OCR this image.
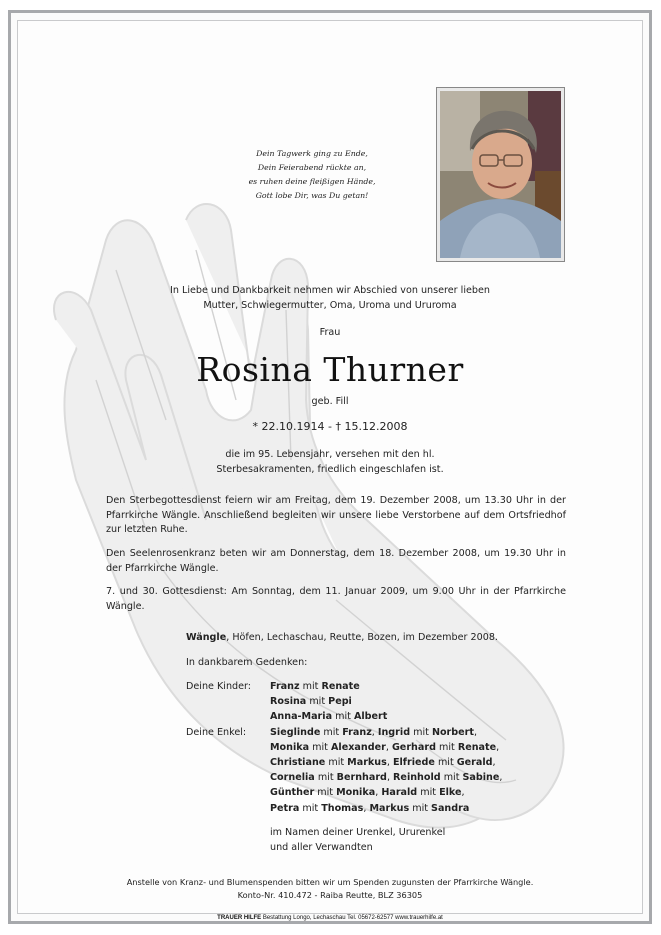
Dein Tagwerk ging zu Ende,
Dein Feierabend rückte an,
es ruhen deine fleißigen Hände,
Gott lobe Dir, was Du getan!
In Liebe und Dankbarkeit nehmen wir Abschied von unserer lieben
Mutter, Schwiegermutter, Oma, Uroma und Ururoma
Frau
Rosina Thurner
geb. Fill
* 22.10.1914 - † 15.12.2008
die im 95. Lebensjahr, versehen mit den hl.
Sterbesakramenten, friedlich eingeschlafen ist.
Den Sterbegottesdienst feiern wir am Freitag, dem 19. Dezember 2008, um 13.30 Uhr in der Pfarrkirche Wängle. Anschließend begleiten wir unsere liebe Verstorbene auf dem Ortsfriedhof zur letzten Ruhe.
Den Seelenrosenkranz beten wir am Donnerstag, dem 18. Dezember 2008, um 19.30 Uhr in der Pfarrkirche Wängle.
7. und 30. Gottesdienst: Am Sonntag, dem 11. Januar 2009, um 9.00 Uhr in der Pfarrkirche Wängle.
Wängle, Höfen, Lechaschau, Reutte, Bozen, im Dezember 2008.
In dankbarem Gedenken:
Deine Kinder: Franz mit Renate
Rosina mit Pepi
Anna-Maria mit Albert
Deine Enkel: Sieglinde mit Franz, Ingrid mit Norbert,
Monika mit Alexander, Gerhard mit Renate,
Christiane mit Markus, Elfriede mit Gerald,
Cornelia mit Bernhard, Reinhold mit Sabine,
Günther mit Monika, Harald mit Elke,
Petra mit Thomas, Markus mit Sandra
im Namen deiner Urenkel, Ururenkel
und aller Verwandten
Anstelle von Kranz- und Blumenspenden bitten wir um Spenden zugunsten der Pfarrkirche Wängle.
Konto-Nr. 410.472 - Raiba Reutte, BLZ 36305
TRAUER HILFE Bestattung Longo, Lechaschau Tel. 05672-62577 www.trauerhilfe.at
